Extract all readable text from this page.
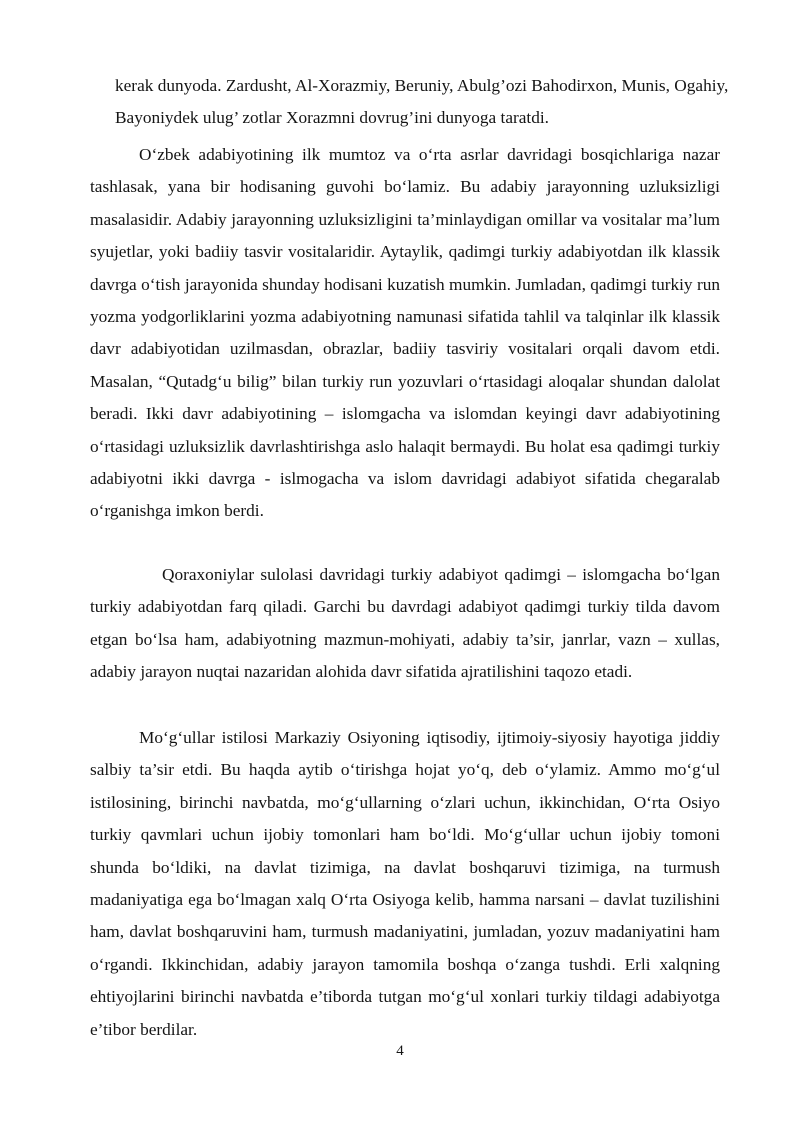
kerak dunyoda. Zardusht, Al-Xorazmiy, Beruniy, Abulg’ozi Bahodirxon, Munis, Ogahiy, Bayoniydek ulug’ zotlar Xorazmni dovrug’ini dunyoga taratdi.

O‘zbek adabiyotining ilk mumtoz va o‘rta asrlar davridagi bosqichlariga nazar tashlasak, yana bir hodisaning guvohi bo‘lamiz. Bu adabiy jarayonning uzluksizligi masalasidir. Adabiy jarayonning uzluksizligini ta’minlaydigan omillar va vositalar ma’lum syujetlar, yoki badiiy tasvir vositalaridir. Aytaylik, qadimgi turkiy adabiyotdan ilk klassik davrga o‘tish jarayonida shunday hodisani kuzatish mumkin. Jumladan, qadimgi turkiy run yozma yodgorliklarini yozma adabiyotning namunasi sifatida tahlil va talqinlar ilk klassik davr adabiyotidan uzilmasdan, obrazlar, badiiy tasviriy vositalari orqali davom etdi. Masalan, “Qutadg‘u bilig” bilan turkiy run yozuvlari o‘rtasidagi aloqalar shundan dalolat beradi. Ikki davr adabiyotining – islomgacha va islomdan keyingi davr adabiyotining o‘rtasidagi uzluksizlik davrlashtirishga aslo halaqit bermaydi. Bu holat esa qadimgi turkiy adabiyotni ikki davrga - islmogacha va islom davridagi adabiyot sifatida chegaralab o‘rganishga imkon berdi.

Qoraxoniylar sulolasi davridagi turkiy adabiyot qadimgi – islomgacha bo‘lgan turkiy adabiyotdan farq qiladi. Garchi bu davrdagi adabiyot qadimgi turkiy tilda davom etgan bo‘lsa ham, adabiyotning mazmun-mohiyati, adabiy ta’sir, janrlar, vazn – xullas, adabiy jarayon nuqtai nazaridan alohida davr sifatida ajratilishini taqozo etadi.

Mo‘g‘ullar istilosi Markaziy Osiyoning iqtisodiy, ijtimoiy-siyosiy hayotiga jiddiy salbiy ta’sir etdi. Bu haqda aytib o‘tirishga hojat yo‘q, deb o‘ylamiz. Ammo mo‘g‘ul istilosining, birinchi navbatda, mo‘g‘ullarning o‘zlari uchun, ikkinchidan, O‘rta Osiyo turkiy qavmlari uchun ijobiy tomonlari ham bo‘ldi. Mo‘g‘ullar uchun ijobiy tomoni shunda bo‘ldiki, na davlat tizimiga, na davlat boshqaruvi tizimiga, na turmush madaniyatiga ega bo‘lmagan xalq O‘rta Osiyoga kelib, hamma narsani – davlat tuzilishini ham, davlat boshqaruvini ham, turmush madaniyatini, jumladan, yozuv madaniyatini ham o‘rgandi. Ikkinchidan, adabiy jarayon tamomila boshqa o‘zanga tushdi. Erli xalqning ehtiyojlarini birinchi navbatda e’tiborda tutgan mo‘g‘ul xonlari turkiy tildagi adabiyotga e’tibor berdilar.

4
